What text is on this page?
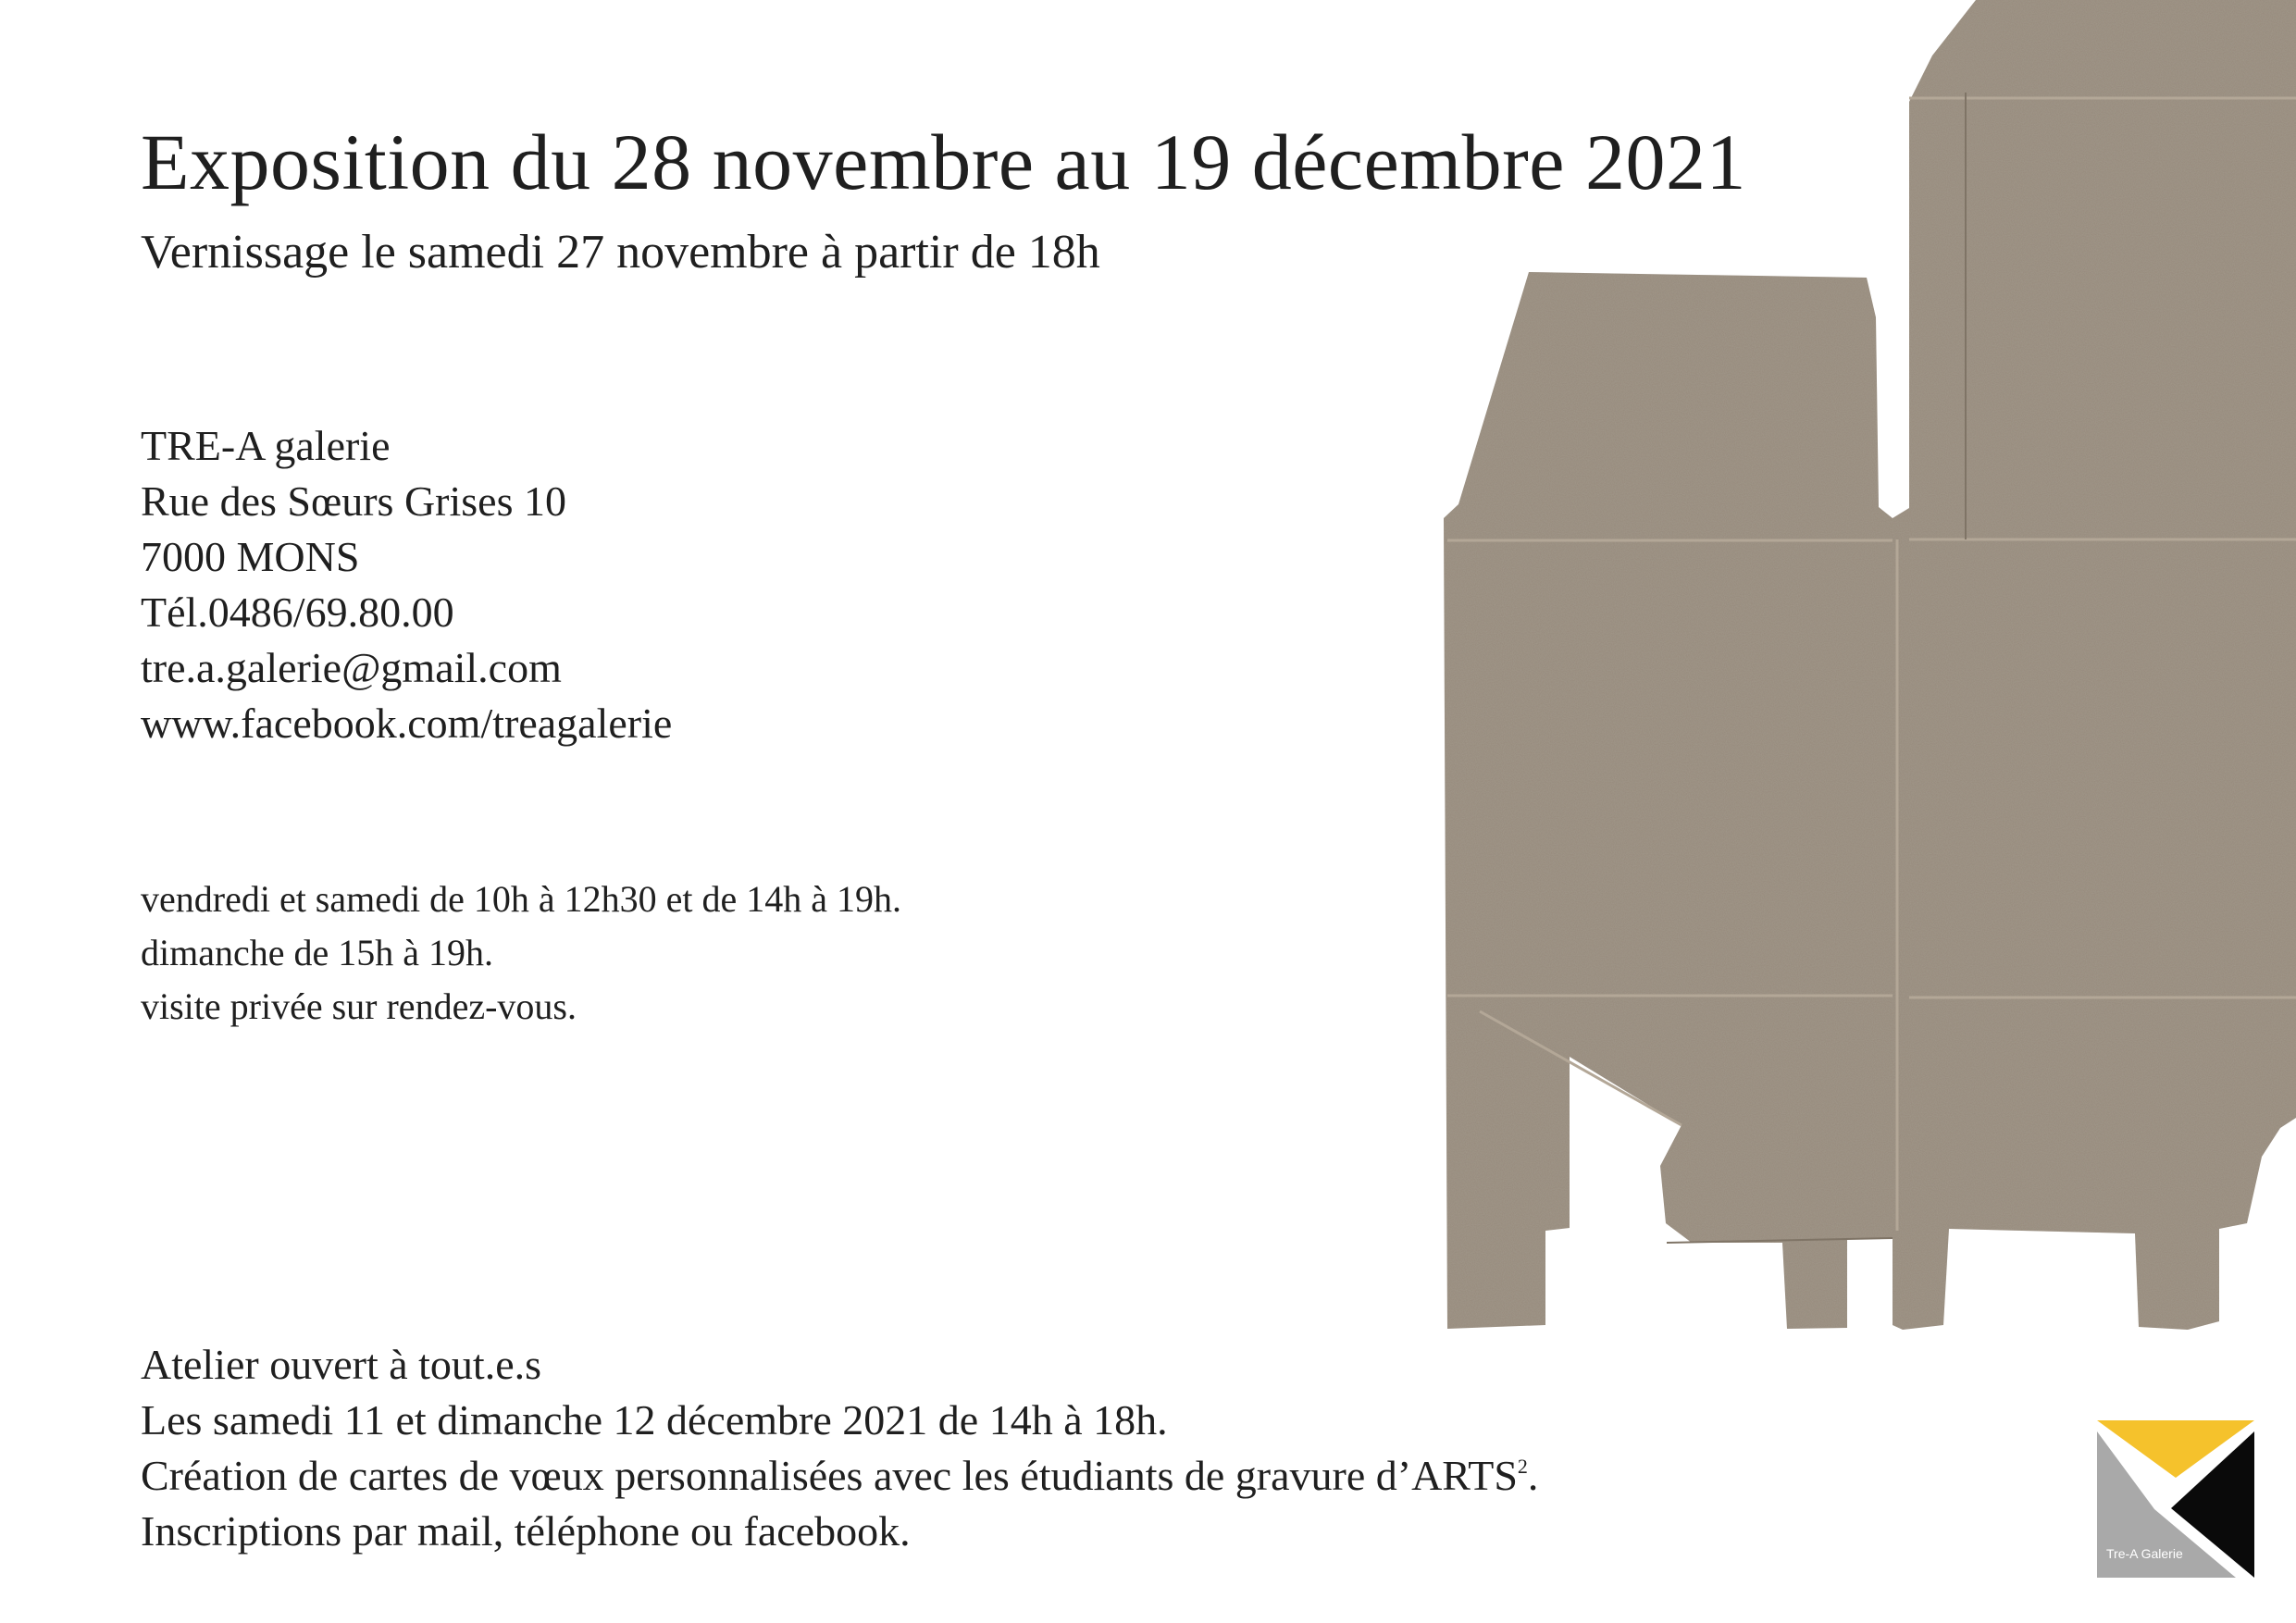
Exposition du 28 novembre au 19 décembre 2021
Vernissage le samedi 27 novembre à partir de 18h
TRE-A galerie
Rue des Sœurs Grises 10
7000 MONS
Tél.0486/69.80.00
tre.a.galerie@gmail.com
www.facebook.com/treagalerie
vendredi et samedi de 10h à 12h30 et de 14h à 19h.
dimanche de 15h à 19h.
visite privée sur rendez-vous.
Atelier ouvert à tout.e.s
Les samedi 11 et dimanche 12 décembre 2021 de 14h à 18h.
Création de cartes de vœux personnalisées avec les étudiants de gravure d’ARTS$^2$.
Inscriptions par mail, téléphone ou facebook.	Tre-A Galerie
